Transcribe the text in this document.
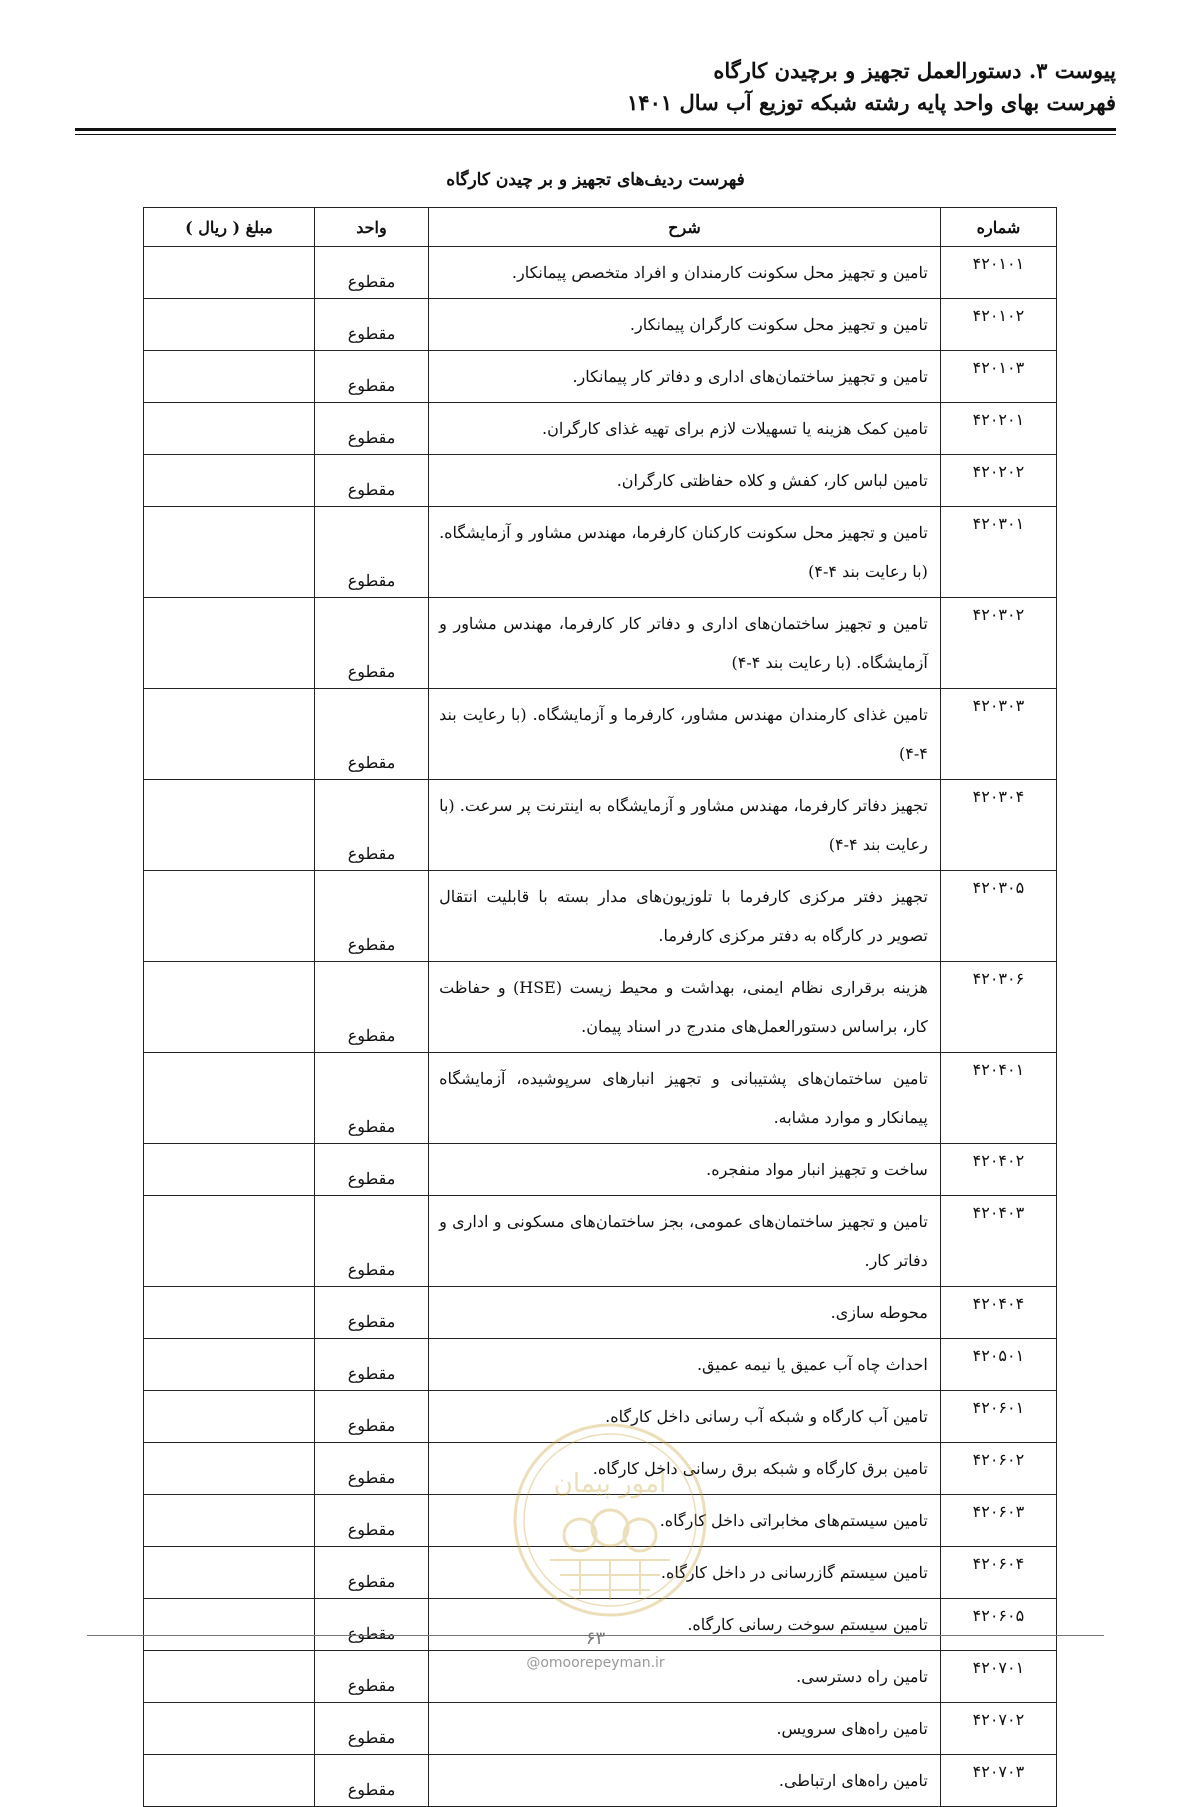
پیوست ۳. دستورالعمل تجهیز و برچیدن کارگاه
فهرست بهای واحد پایه رشته شبکه توزیع آب سال ۱۴۰۱
فهرست ردیف‌های تجهیز و بر چیدن کارگاه
شماره	شرح	واحد	مبلغ ( ریال )
۴۲۰۱۰۱	تامین و تجهیز محل سکونت کارمندان و افراد متخصص پیمانکار.	مقطوع	
۴۲۰۱۰۲	تامین و تجهیز محل سکونت کارگران پیمانکار.	مقطوع	
۴۲۰۱۰۳	تامین و تجهیز ساختمان‌های اداری و دفاتر کار پیمانکار.	مقطوع	
۴۲۰۲۰۱	تامین کمک هزینه یا تسهیلات لازم برای تهیه غذای کارگران.	مقطوع	
۴۲۰۲۰۲	تامین لباس کار، کفش و کلاه حفاظتی کارگران.	مقطوع	
۴۲۰۳۰۱	تامین و تجهیز محل سکونت کارکنان کارفرما، مهندس مشاور و آزمایشگاه. (با رعایت بند ۴-۴)	مقطوع	
۴۲۰۳۰۲	تامین و تجهیز ساختمان‌های اداری و دفاتر کار کارفرما، مهندس مشاور و آزمایشگاه. (با رعایت بند ۴-۴)	مقطوع	
۴۲۰۳۰۳	تامین غذای کارمندان مهندس مشاور، کارفرما و آزمایشگاه. (با رعایت بند ۴-۴)	مقطوع	
۴۲۰۳۰۴	تجهیز دفاتر کارفرما، مهندس مشاور و آزمایشگاه به اینترنت پر سرعت. (با رعایت بند ۴-۴)	مقطوع	
۴۲۰۳۰۵	تجهیز دفتر مرکزی کارفرما با تلوزیون‌های مدار بسته با قابلیت انتقال تصویر در کارگاه به دفتر مرکزی کارفرما.	مقطوع	
۴۲۰۳۰۶	هزینه برقراری نظام ایمنی، بهداشت و محیط زیست (HSE) و حفاظت کار، براساس دستورالعمل‌های مندرج در اسناد پیمان.	مقطوع	
۴۲۰۴۰۱	تامین ساختمان‌های پشتیبانی و تجهیز انبارهای سرپوشیده، آزمایشگاه پیمانکار و موارد مشابه.	مقطوع	
۴۲۰۴۰۲	ساخت و تجهیز انبار مواد منفجره.	مقطوع	
۴۲۰۴۰۳	تامین و تجهیز ساختمان‌های عمومی، بجز ساختمان‌های مسکونی و اداری و دفاتر کار.	مقطوع	
۴۲۰۴۰۴	محوطه سازی.	مقطوع	
۴۲۰۵۰۱	احداث چاه آب عمیق یا نیمه عمیق.	مقطوع	
۴۲۰۶۰۱	تامین آب کارگاه و شبکه آب رسانی داخل کارگاه.	مقطوع	
۴۲۰۶۰۲	تامین برق کارگاه و شبکه برق رسانی داخل کارگاه.	مقطوع	
۴۲۰۶۰۳	تامین سیستم‌های مخابراتی داخل کارگاه.	مقطوع	
۴۲۰۶۰۴	تامین سیستم گازرسانی در داخل کارگاه.	مقطوع	
۴۲۰۶۰۵	تامین سیستم سوخت رسانی کارگاه.	مقطوع	
۴۲۰۷۰۱	تامین راه دسترسی.	مقطوع	
۴۲۰۷۰۲	تامین راه‌های سرویس.	مقطوع	
۴۲۰۷۰۳	تامین راه‌های ارتباطی.	مقطوع	
امور پیمان
۶۳
@omoorepeyman.ir
